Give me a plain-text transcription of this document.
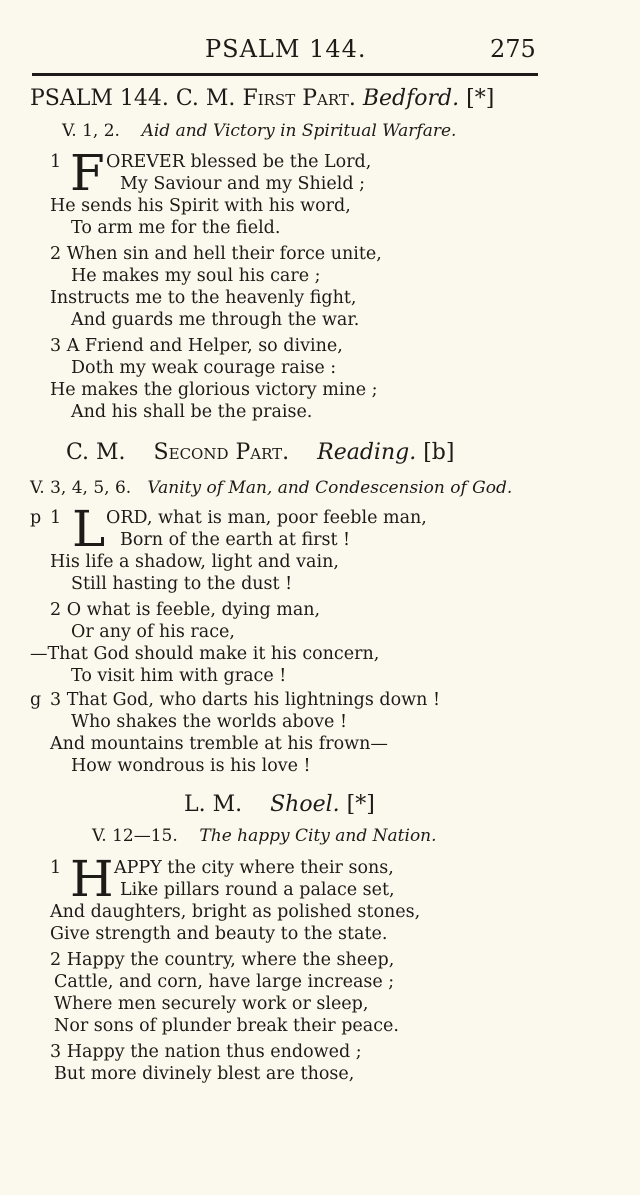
PSALM 144.	275
PSALM 144. C. M. First Part. Bedford. [*]
V. 1, 2. Aid and Victory in Spiritual Warfare.
1 F OREVER blessed be the Lord,
My Saviour and my Shield ;
He sends his Spirit with his word,
To arm me for the field.
2 When sin and hell their force unite,
He makes my soul his care ;
Instructs me to the heavenly fight,
And guards me through the war.
3 A Friend and Helper, so divine,
Doth my weak courage raise :
He makes the glorious victory mine ;
And his shall be the praise.
C. M. Second Part. Reading. [b]
V. 3, 4, 5, 6. Vanity of Man, and Condescension of God.
p 1 L ORD, what is man, poor feeble man,
Born of the earth at first !
His life a shadow, light and vain,
Still hasting to the dust !
2 O what is feeble, dying man,
Or any of his race,
—That God should make it his concern,
To visit him with grace !
g 3 That God, who darts his lightnings down !
Who shakes the worlds above !
And mountains tremble at his frown—
How wondrous is his love !
L. M. Shoel. [*]
V. 12—15. The happy City and Nation.
1 H APPY the city where their sons,
Like pillars round a palace set,
And daughters, bright as polished stones,
Give strength and beauty to the state.
2 Happy the country, where the sheep,
Cattle, and corn, have large increase ;
Where men securely work or sleep,
Nor sons of plunder break their peace.
3 Happy the nation thus endowed ;
But more divinely blest are those,
